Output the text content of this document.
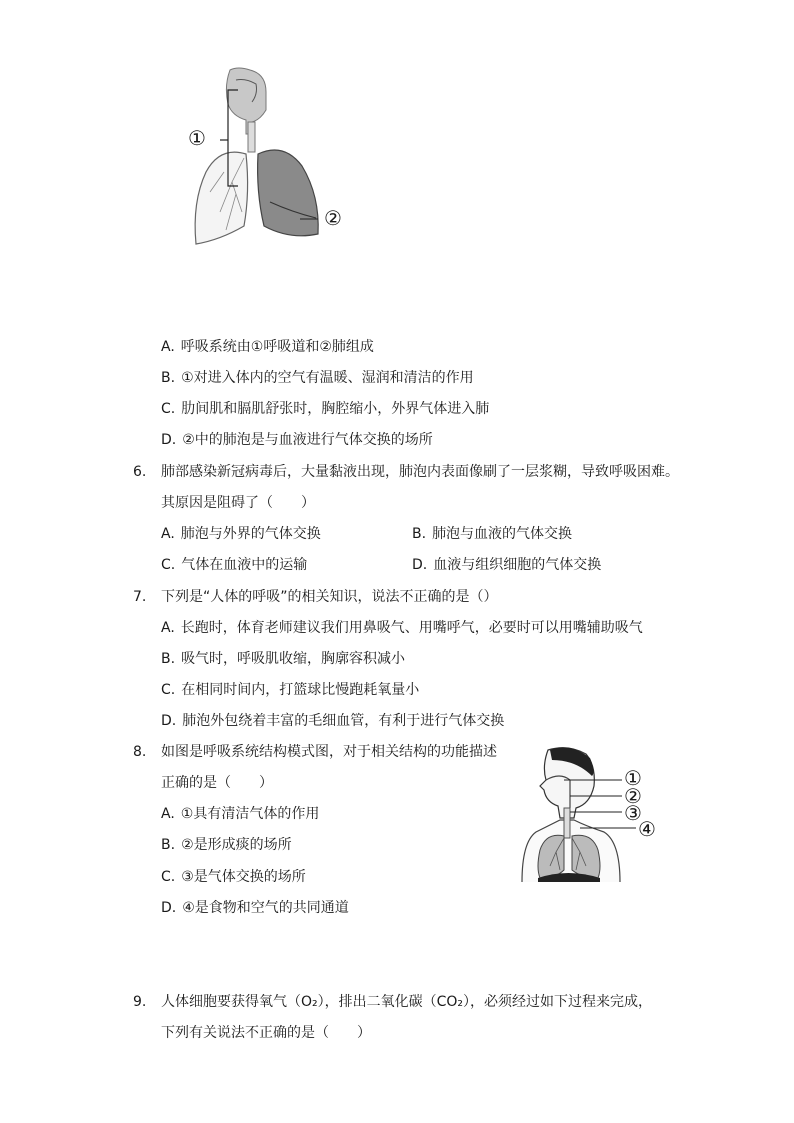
①
②
A. 呼吸系统由①呼吸道和②肺组成
B. ①对进入体内的空气有温暖、湿润和清洁的作用
C. 肋间肌和膈肌舒张时，胸腔缩小，外界气体进入肺
D. ②中的肺泡是与血液进行气体交换的场所
6.	肺部感染新冠病毒后，大量黏液出现，肺泡内表面像刷了一层浆糊，导致呼吸困难。
其原因是阻碍了（　　）
A. 肺泡与外界的气体交换	B. 肺泡与血液的气体交换
C. 气体在血液中的运输	D. 血液与组织细胞的气体交换
7.	下列是“人体的呼吸”的相关知识，说法不正确的是（）
A. 长跑时，体育老师建议我们用鼻吸气、用嘴呼气，必要时可以用嘴辅助吸气
B. 吸气时，呼吸肌收缩，胸廓容积减小
C. 在相同时间内，打篮球比慢跑耗氧量小
D. 肺泡外包绕着丰富的毛细血管，有利于进行气体交换
8.	如图是呼吸系统结构模式图，对于相关结构的功能描述
正确的是（　　）
A. ①具有清洁气体的作用
B. ②是形成痰的场所
C. ③是气体交换的场所
D. ④是食物和空气的共同通道
①
②
③
④
9.	人体细胞要获得氧气（O₂），排出二氧化碳（CO₂），必须经过如下过程来完成，
下列有关说法不正确的是（　　）
